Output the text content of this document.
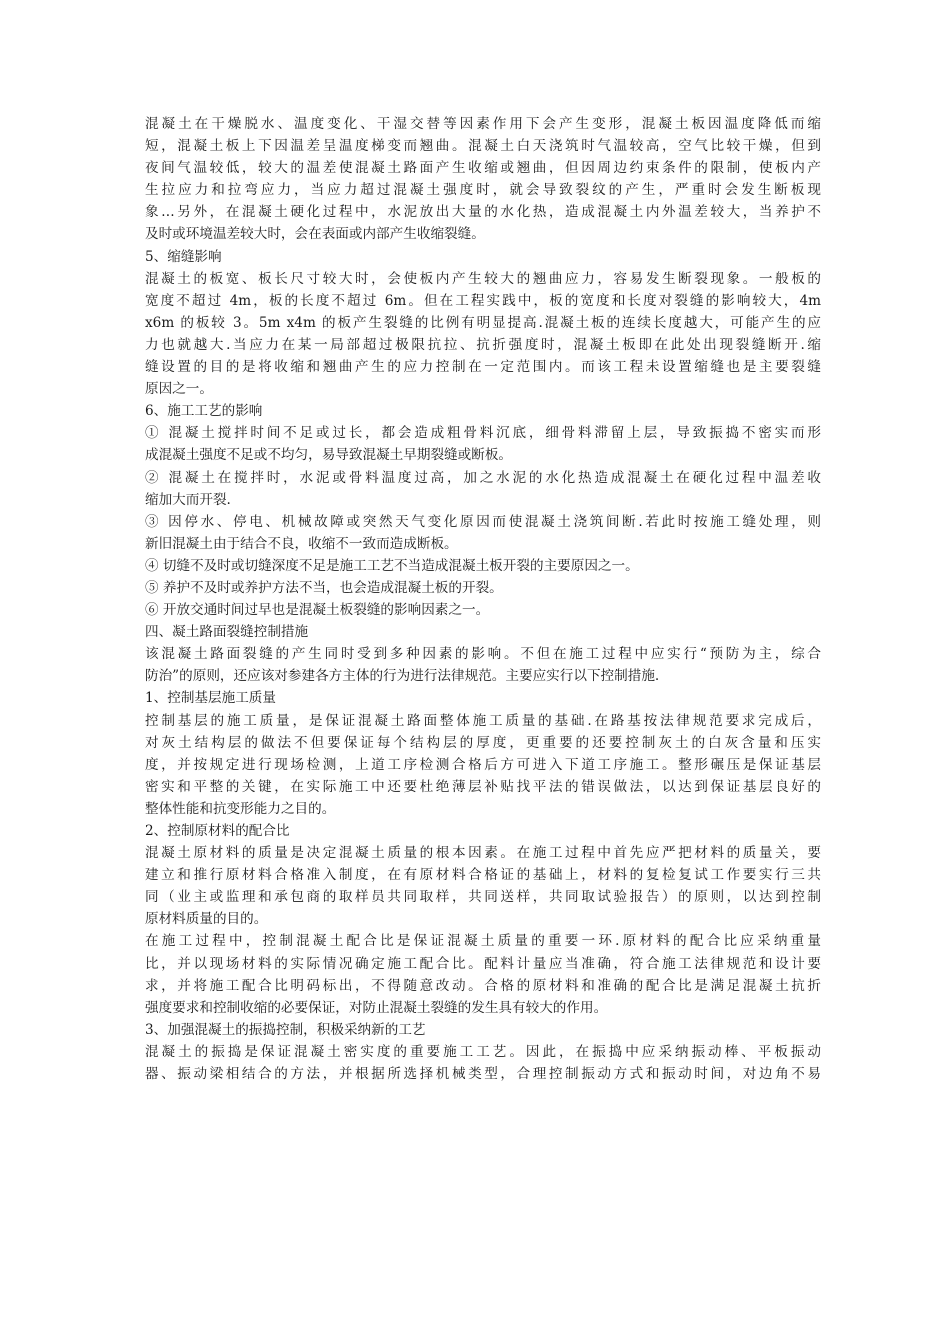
混凝土在干燥脱水、温度变化、干湿交替等因素作用下会产生变形，混凝土板因温度降低而缩
短，混凝土板上下因温差呈温度梯变而翘曲。混凝土白天浇筑时气温较高，空气比较干燥，但到
夜间气温较低，较大的温差使混凝土路面产生收缩或翘曲，但因周边约束条件的限制，使板内产
生拉应力和拉弯应力，当应力超过混凝土强度时，就会导致裂纹的产生，严重时会发生断板现
象…另外，在混凝土硬化过程中，水泥放出大量的水化热，造成混凝土内外温差较大，当养护不
及时或环境温差较大时，会在表面或内部产生收缩裂缝。
5、缩缝影响
混凝土的板宽、板长尺寸较大时，会使板内产生较大的翘曲应力，容易发生断裂现象。一般板的
宽度不超过 4m，板的长度不超过 6m。但在工程实践中，板的宽度和长度对裂缝的影响较大，4m
x6m 的板较 3。5m x4m 的板产生裂缝的比例有明显提高.混凝土板的连续长度越大，可能产生的应
力也就越大.当应力在某一局部超过极限抗拉、抗折强度时，混凝土板即在此处出现裂缝断开.缩
缝设置的目的是将收缩和翘曲产生的应力控制在一定范围内。而该工程未设置缩缝也是主要裂缝
原因之一。
6、施工工艺的影响
① 混凝土搅拌时间不足或过长，都会造成粗骨料沉底，细骨料滞留上层，导致振捣不密实而形
成混凝土强度不足或不均匀，易导致混凝土早期裂缝或断板。
② 混凝土在搅拌时，水泥或骨料温度过高，加之水泥的水化热造成混凝土在硬化过程中温差收
缩加大而开裂.
③ 因停水、停电、机械故障或突然天气变化原因而使混凝土浇筑间断.若此时按施工缝处理，则
新旧混凝土由于结合不良，收缩不一致而造成断板。
④ 切缝不及时或切缝深度不足是施工工艺不当造成混凝土板开裂的主要原因之一。
⑤ 养护不及时或养护方法不当，也会造成混凝土板的开裂。
⑥ 开放交通时间过早也是混凝土板裂缝的影响因素之一。
四、凝土路面裂缝控制措施
该混凝土路面裂缝的产生同时受到多种因素的影响。不但在施工过程中应实行“预防为主，综合
防治”的原则，还应该对参建各方主体的行为进行法律规范。主要应实行以下控制措施.
1、控制基层施工质量
控制基层的施工质量，是保证混凝土路面整体施工质量的基础.在路基按法律规范要求完成后，
对灰土结构层的做法不但要保证每个结构层的厚度，更重要的还要控制灰土的白灰含量和压实
度，并按规定进行现场检测，上道工序检测合格后方可进入下道工序施工。整形碾压是保证基层
密实和平整的关键，在实际施工中还要杜绝薄层补贴找平法的错误做法，以达到保证基层良好的
整体性能和抗变形能力之目的。
2、控制原材料的配合比
混凝土原材料的质量是决定混凝土质量的根本因素。在施工过程中首先应严把材料的质量关，要
建立和推行原材料合格准入制度，在有原材料合格证的基础上，材料的复检复试工作要实行三共
同（业主或监理和承包商的取样员共同取样，共同送样，共同取试验报告）的原则，以达到控制
原材料质量的目的。
在施工过程中，控制混凝土配合比是保证混凝土质量的重要一环.原材料的配合比应采纳重量
比，并以现场材料的实际情况确定施工配合比。配料计量应当准确，符合施工法律规范和设计要
求，并将施工配合比明码标出，不得随意改动。合格的原材料和准确的配合比是满足混凝土抗折
强度要求和控制收缩的必要保证，对防止混凝土裂缝的发生具有较大的作用。
3、加强混凝土的振捣控制，积极采纳新的工艺
混凝土的振捣是保证混凝土密实度的重要施工工艺。因此，在振捣中应采纳振动棒、平板振动
器、振动梁相结合的方法，并根据所选择机械类型，合理控制振动方式和振动时间，对边角不易
